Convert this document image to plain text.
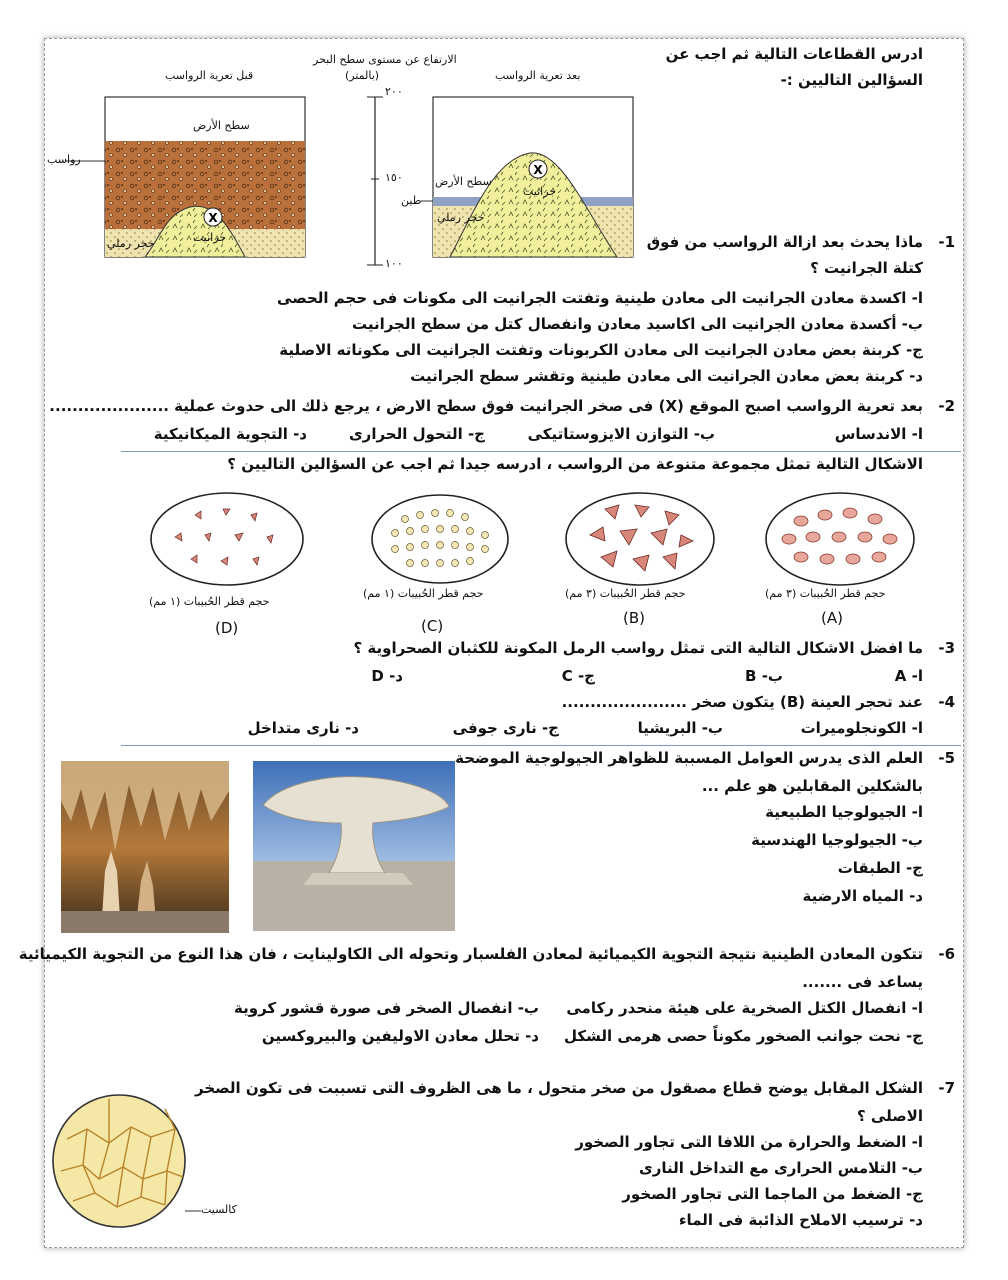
ادرس القطاعات التالية ثم اجب عن
السؤالين التاليين :-
قبل تعرية الرواسب	بعد تعرية الرواسب
الارتفاع عن مستوى سطح البحر
(بالمتر)
X
X
٢٠٠
١٥٠
١٠٠
سطح الأرض
رواسب
جرانيت
حجر رملي
سطح الأرض
جرانيت
حجر رملي
طين
1-
ماذا يحدث بعد ازالة الرواسب من فوق
كتلة الجرانيت ؟
ا- اكسدة معادن الجرانيت الى معادن طينية وتفتت الجرانيت الى مكونات فى حجم الحصى
ب- أكسدة معادن الجرانيت الى اكاسيد معادن وانفصال كتل من سطح الجرانيت
ج- كربنة بعض معادن الجرانيت الى معادن الكربونات وتفتت الجرانيت الى مكوناته الاصلية
د- كربنة بعض معادن الجرانيت الى معادن طينية وتقشر سطح الجرانيت
2-
بعد تعرية الرواسب اصبح الموقع (X) فى صخر الجرانيت فوق سطح الارض ، يرجع ذلك الى حدوث عملية .....................
ا- الاندساس
ب- التوازن الايزوستاتيكى
ج- التحول الحرارى
د- التجوية الميكانيكية
الاشكال التالية تمثل مجموعة متنوعة من الرواسب ، ادرسه جيدا ثم اجب عن السؤالين التاليين ؟
حجم قطر الحُبيبات (٣ مم)
(A)
حجم قطر الحُبيبات (٣ مم)
(B)
حجم قطر الحُبيبات (١ مم)
(C)
حجم قطر الحُبيبات (١ مم)
(D)
3-
ما افضل الاشكال التالية التى تمثل رواسب الرمل المكونة للكثبان الصحراوية ؟
ا- A
ب- B
ج- C
د- D
4-
عند تحجر العينة (B) يتكون صخر ......................
ا- الكونجلوميرات
ب- البريشيا
ج- نارى جوفى
د- نارى متداخل
5-
العلم الذى يدرس العوامل المسببة للظواهر الجيولوجية الموضحة
بالشكلين المقابلين هو علم ...
ا- الجيولوجيا الطبيعية
ب- الجيولوجيا الهندسية
ج- الطبقات
د- المياه الارضية
6-
تتكون المعادن الطينية نتيجة التجوية الكيميائية لمعادن الفلسبار وتحوله الى الكاولينايت ، فان هذا النوع من التجوية الكيميائية
يساعد فى .......
ا- انفصال الكتل الصخرية على هيئة منحدر ركامى
ب- انفصال الصخر فى صورة قشور كروية
ج- نحت جوانب الصخور مكوناً حصى هرمى الشكل
د- تحلل معادن الاوليفين والبيروكسين
7-
الشكل المقابل يوضح قطاع مصقول من صخر متحول ، ما هى الظروف التى تسببت فى تكون الصخر
الاصلى ؟
ا- الضغط والحرارة من اللافا التى تجاور الصخور
ب- التلامس الحرارى مع التداخل النارى
ج- الضغط من الماجما التى تجاور الصخور
د- ترسيب الاملاح الذائبة فى الماء
كالسيت
